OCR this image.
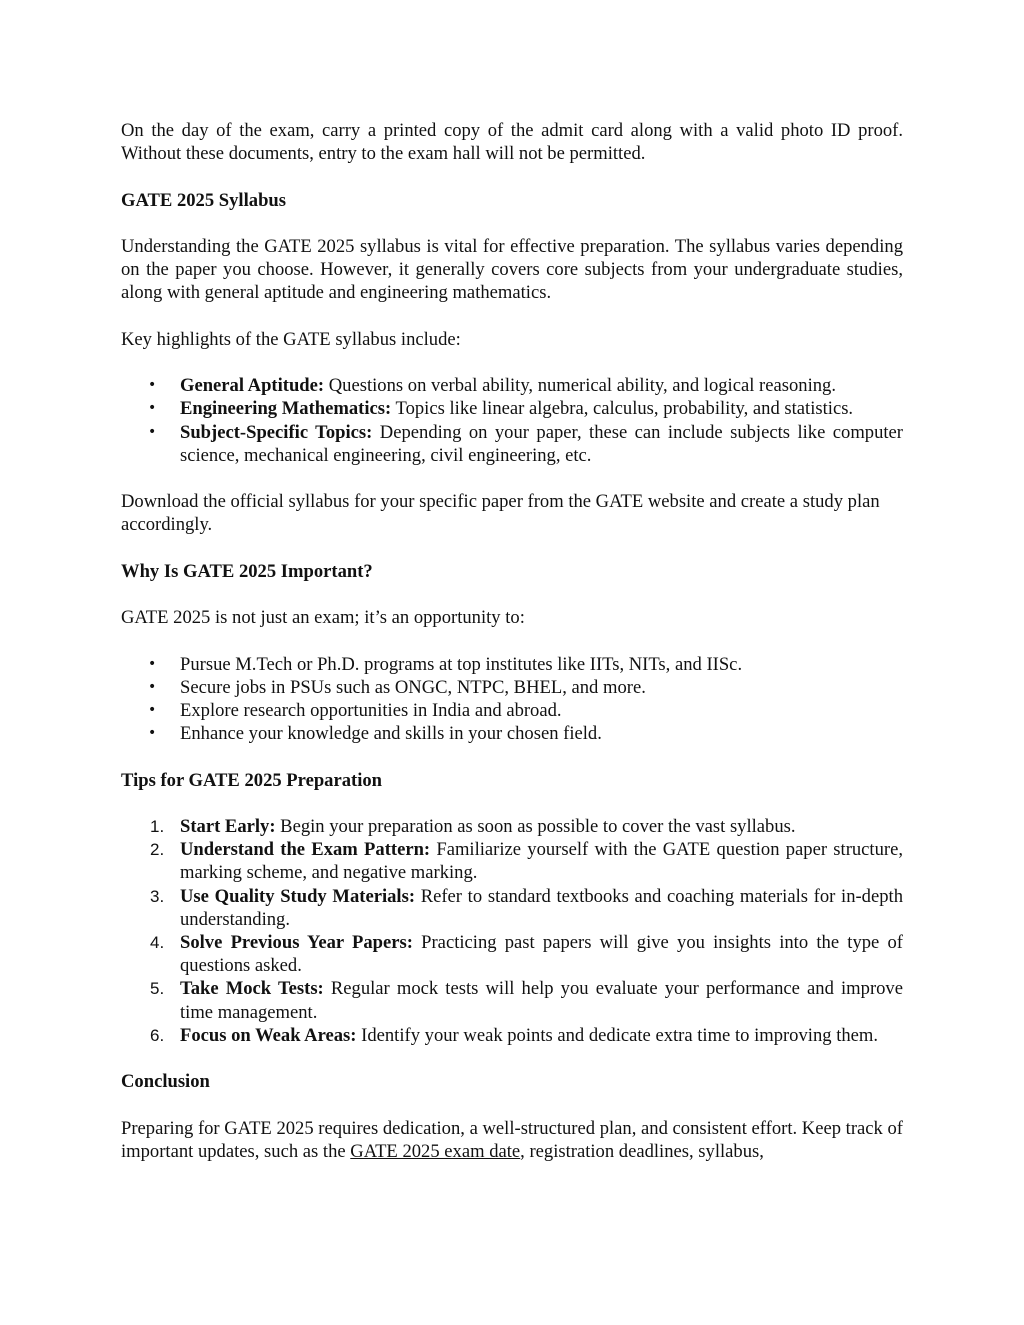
On the day of the exam, carry a printed copy of the admit card along with a valid photo ID proof. Without these documents, entry to the exam hall will not be permitted.

GATE 2025 Syllabus

Understanding the GATE 2025 syllabus is vital for effective preparation. The syllabus varies depending on the paper you choose. However, it generally covers core subjects from your undergraduate studies, along with general aptitude and engineering mathematics.

Key highlights of the GATE syllabus include:

• General Aptitude: Questions on verbal ability, numerical ability, and logical reasoning.
• Engineering Mathematics: Topics like linear algebra, calculus, probability, and statistics.
• Subject-Specific Topics: Depending on your paper, these can include subjects like computer science, mechanical engineering, civil engineering, etc.

Download the official syllabus for your specific paper from the GATE website and create a study plan accordingly.

Why Is GATE 2025 Important?

GATE 2025 is not just an exam; it’s an opportunity to:

• Pursue M.Tech or Ph.D. programs at top institutes like IITs, NITs, and IISc.
• Secure jobs in PSUs such as ONGC, NTPC, BHEL, and more.
• Explore research opportunities in India and abroad.
• Enhance your knowledge and skills in your chosen field.
Tips for GATE 2025 Preparation
1. Start Early: Begin your preparation as soon as possible to cover the vast syllabus.
2. Understand the Exam Pattern: Familiarize yourself with the GATE question paper structure, marking scheme, and negative marking.
3. Use Quality Study Materials: Refer to standard textbooks and coaching materials for in-depth understanding.
4. Solve Previous Year Papers: Practicing past papers will give you insights into the type of questions asked.
5. Take Mock Tests: Regular mock tests will help you evaluate your performance and improve time management.
6. Focus on Weak Areas: Identify your weak points and dedicate extra time to improving them.
Conclusion

Preparing for GATE 2025 requires dedication, a well-structured plan, and consistent effort. Keep track of important updates, such as the GATE 2025 exam date, registration deadlines, syllabus,
